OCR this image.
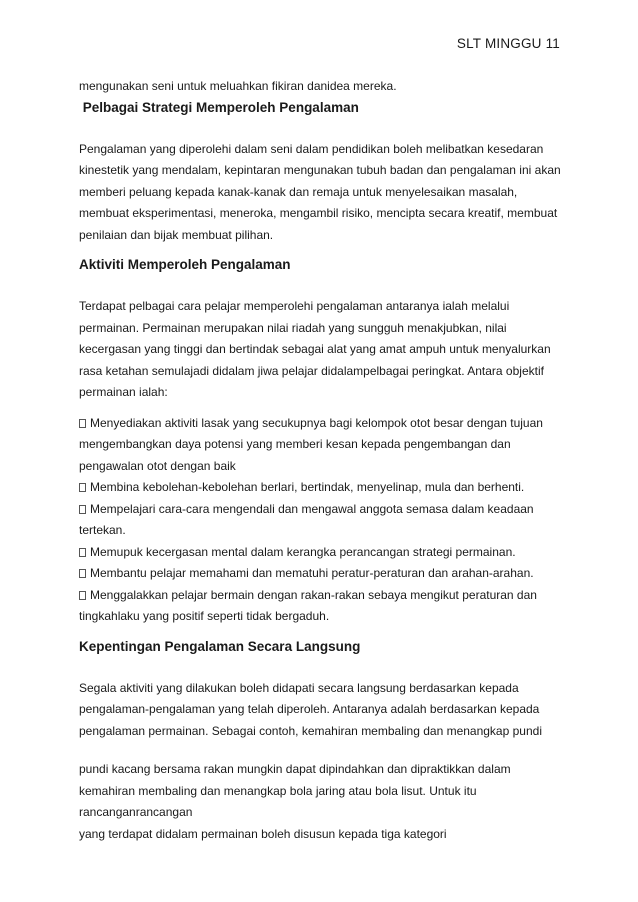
SLT MINGGU 11

mengunakan seni untuk meluahkan fikiran danidea mereka.

Pelbagai Strategi Memperoleh Pengalaman

Pengalaman yang diperolehi dalam seni dalam pendidikan boleh melibatkan kesedaran

kinestetik yang mendalam, kepintaran mengunakan tubuh badan dan pengalaman ini akan

memberi peluang kepada kanak-kanak dan remaja untuk menyelesaikan masalah,

membuat eksperimentasi, meneroka, mengambil risiko, mencipta secara kreatif, membuat

penilaian dan bijak membuat pilihan.

Aktiviti Memperoleh Pengalaman

Terdapat pelbagai cara pelajar memperolehi pengalaman antaranya ialah melalui

permainan. Permainan merupakan nilai riadah yang sungguh menakjubkan, nilai

kecergasan yang tinggi dan bertindak sebagai alat yang amat ampuh untuk menyalurkan

rasa ketahan semulajadi didalam jiwa pelajar didalampelbagai peringkat. Antara objektif

permainan ialah:

Menyediakan aktiviti lasak yang secukupnya bagi kelompok otot besar dengan tujuan

mengembangkan daya potensi yang memberi kesan kepada pengembangan dan

pengawalan otot dengan baik

Membina kebolehan-kebolehan berlari, bertindak, menyelinap, mula dan berhenti.

Mempelajari cara-cara mengendali dan mengawal anggota semasa dalam keadaan

tertekan.

Memupuk kecergasan mental dalam kerangka perancangan strategi permainan.

Membantu pelajar memahami dan mematuhi peratur-peraturan dan arahan-arahan.

Menggalakkan pelajar bermain dengan rakan-rakan sebaya mengikut peraturan dan

tingkahlaku yang positif seperti tidak bergaduh.

Kepentingan Pengalaman Secara Langsung

Segala aktiviti yang dilakukan boleh didapati secara langsung berdasarkan kepada

pengalaman-pengalaman yang telah diperoleh. Antaranya adalah berdasarkan kepada

pengalaman permainan. Sebagai contoh, kemahiran membaling dan menangkap pundi

pundi kacang bersama rakan mungkin dapat dipindahkan dan dipraktikkan dalam

kemahiran membaling dan menangkap bola jaring atau bola lisut. Untuk itu

rancanganrancangan

yang terdapat didalam permainan boleh disusun kepada tiga kategori
